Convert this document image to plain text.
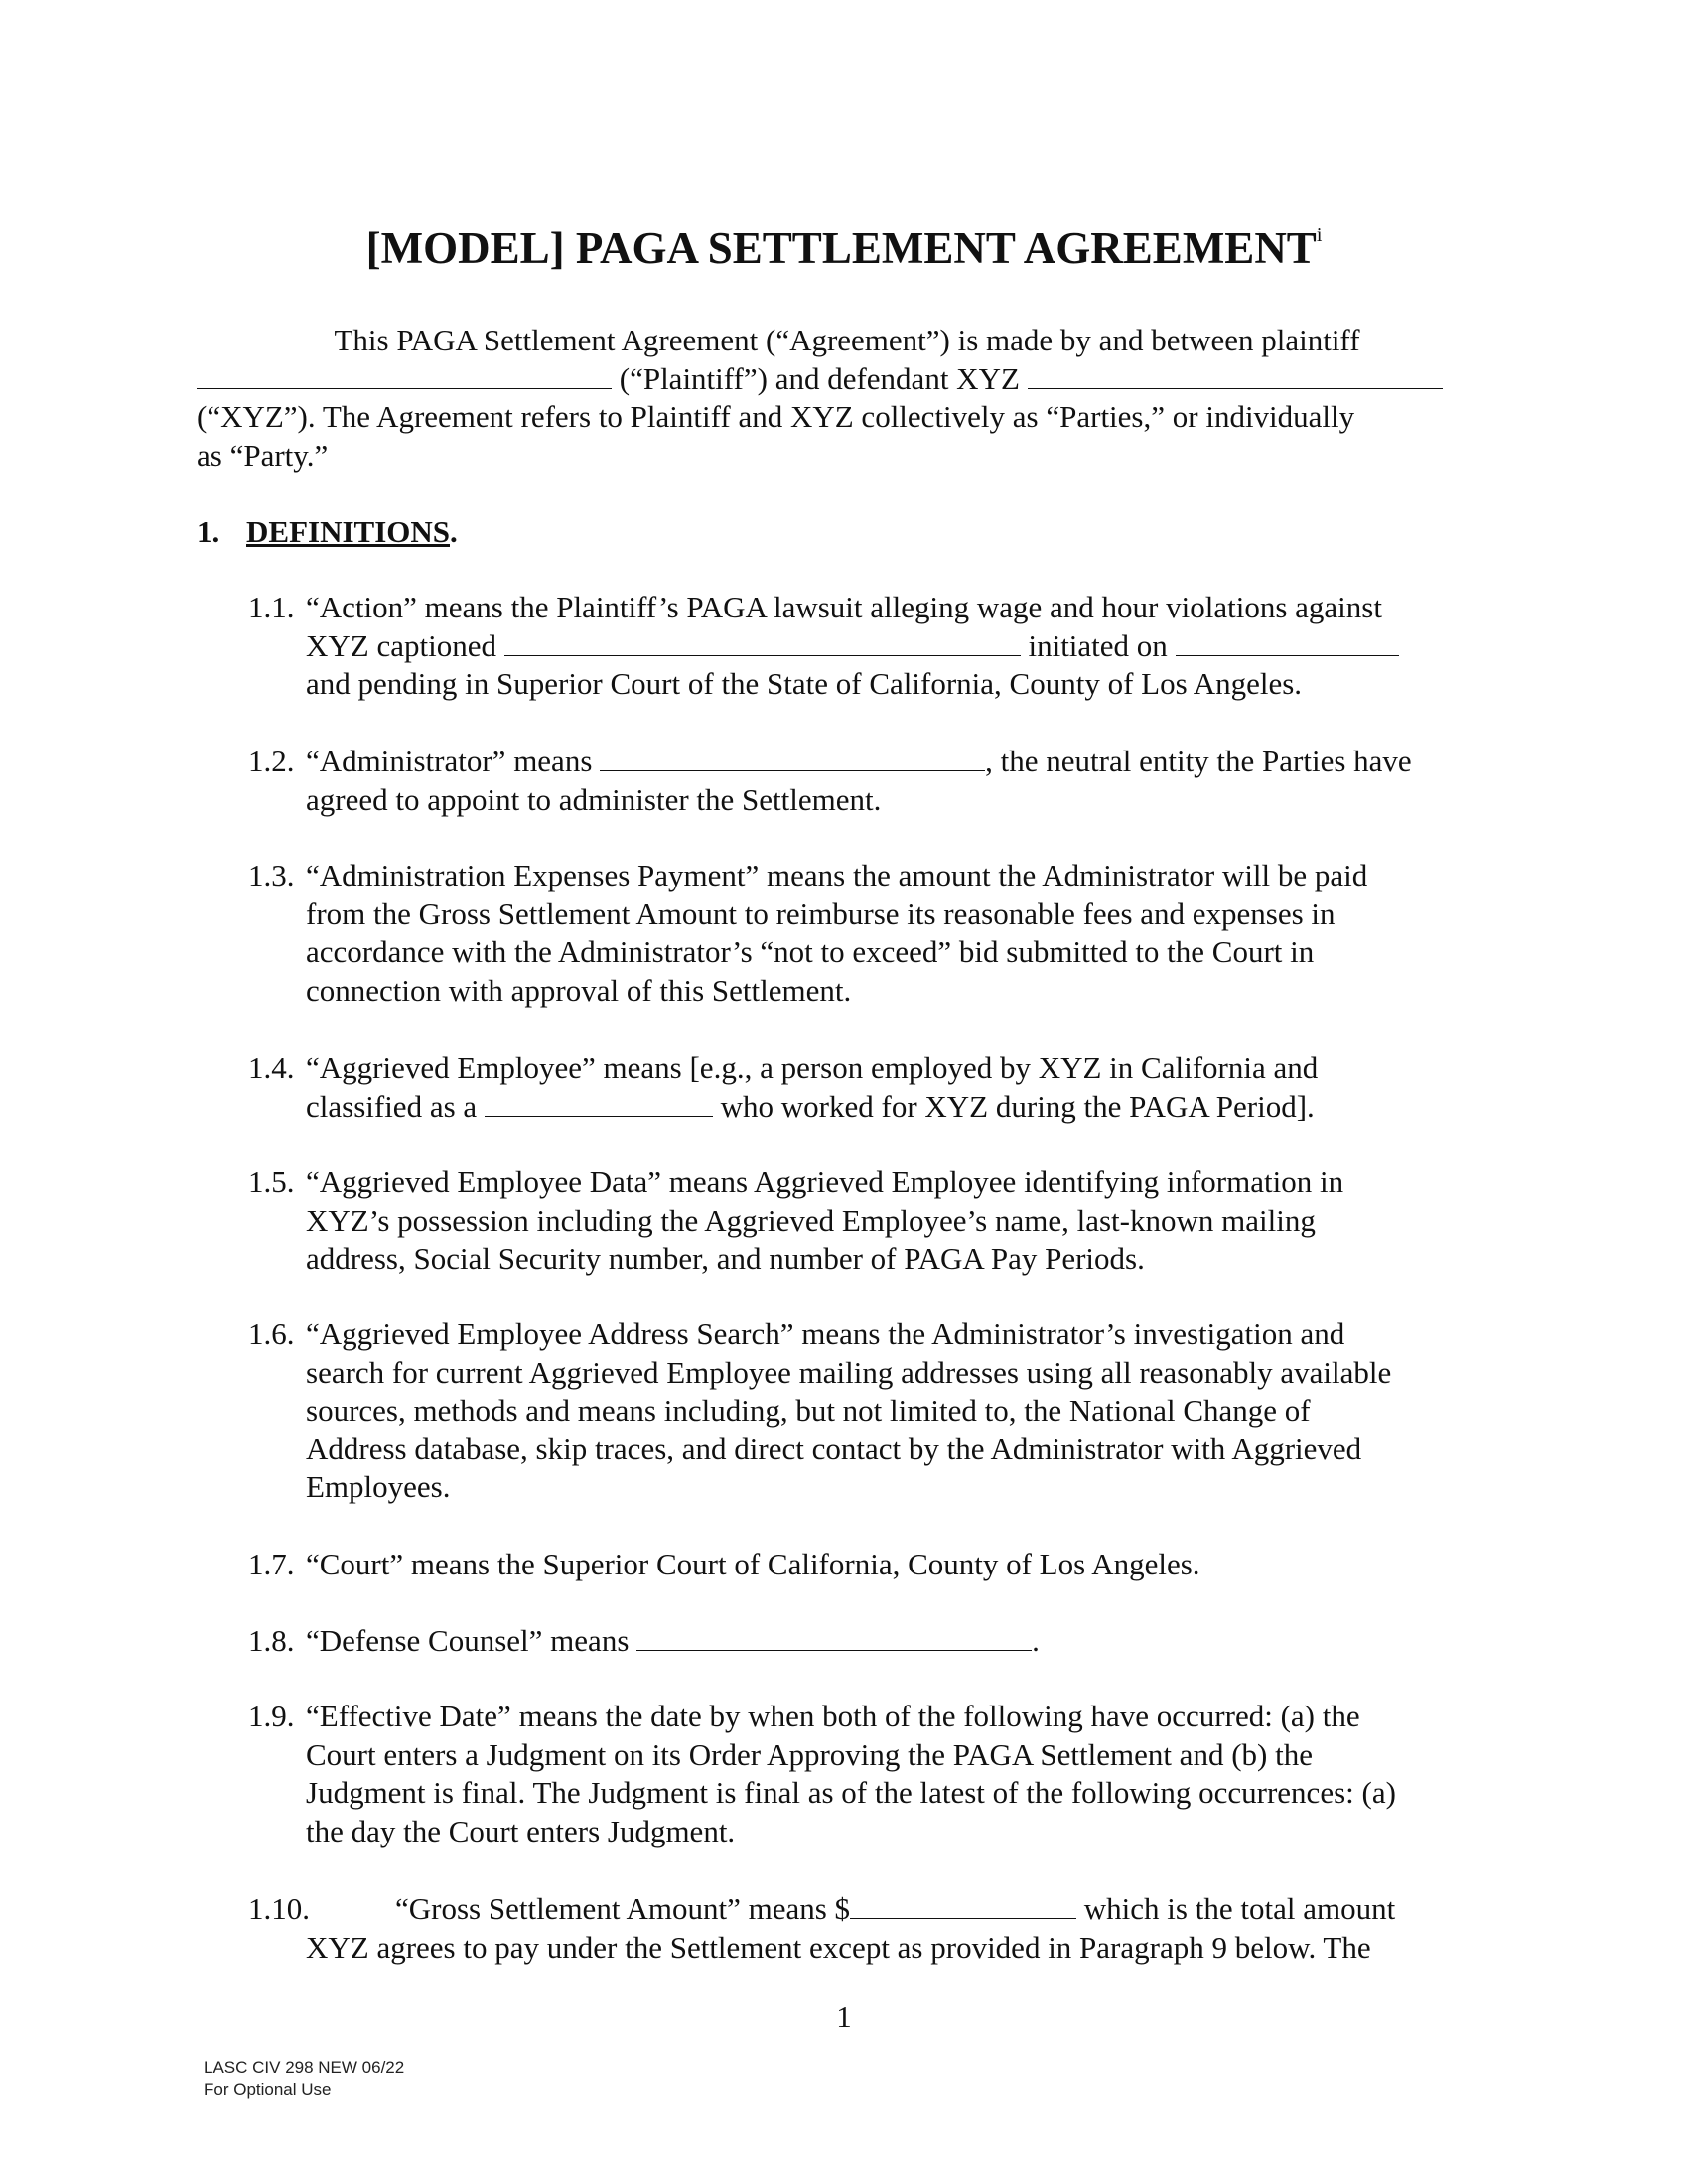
[MODEL] PAGA SETTLEMENT AGREEMENT$^i$
This PAGA Settlement Agreement (“Agreement”) is made by and between plaintiff
(“Plaintiff”) and defendant XYZ
(“XYZ”). The Agreement refers to Plaintiff and XYZ collectively as “Parties,” or individually
as “Party.”
1. DEFINITIONS.
1.1. “Action” means the Plaintiff’s PAGA lawsuit alleging wage and hour violations against
XYZ captioned	initiated on
and pending in Superior Court of the State of California, County of Los Angeles.
1.2. “Administrator” means	, the neutral entity the Parties have
agreed to appoint to administer the Settlement.
1.3. “Administration Expenses Payment” means the amount the Administrator will be paid
from the Gross Settlement Amount to reimburse its reasonable fees and expenses in
accordance with the Administrator’s “not to exceed” bid submitted to the Court in
connection with approval of this Settlement.
1.4. “Aggrieved Employee” means [e.g., a person employed by XYZ in California and
classified as a	who worked for XYZ during the PAGA Period].
1.5. “Aggrieved Employee Data” means Aggrieved Employee identifying information in
XYZ’s possession including the Aggrieved Employee’s name, last-known mailing
address, Social Security number, and number of PAGA Pay Periods.
1.6. “Aggrieved Employee Address Search” means the Administrator’s investigation and
search for current Aggrieved Employee mailing addresses using all reasonably available
sources, methods and means including, but not limited to, the National Change of
Address database, skip traces, and direct contact by the Administrator with Aggrieved
Employees.
1.7. “Court” means the Superior Court of California, County of Los Angeles.
1.8. “Defense Counsel” means	.
1.9. “Effective Date” means the date by when both of the following have occurred: (a) the
Court enters a Judgment on its Order Approving the PAGA Settlement and (b) the
Judgment is final. The Judgment is final as of the latest of the following occurrences: (a)
the day the Court enters Judgment.
1.10.	“Gross Settlement Amount” means $	which is the total amount
XYZ agrees to pay under the Settlement except as provided in Paragraph 9 below. The
1
LASC CIV 298 NEW 06/22
For Optional Use
